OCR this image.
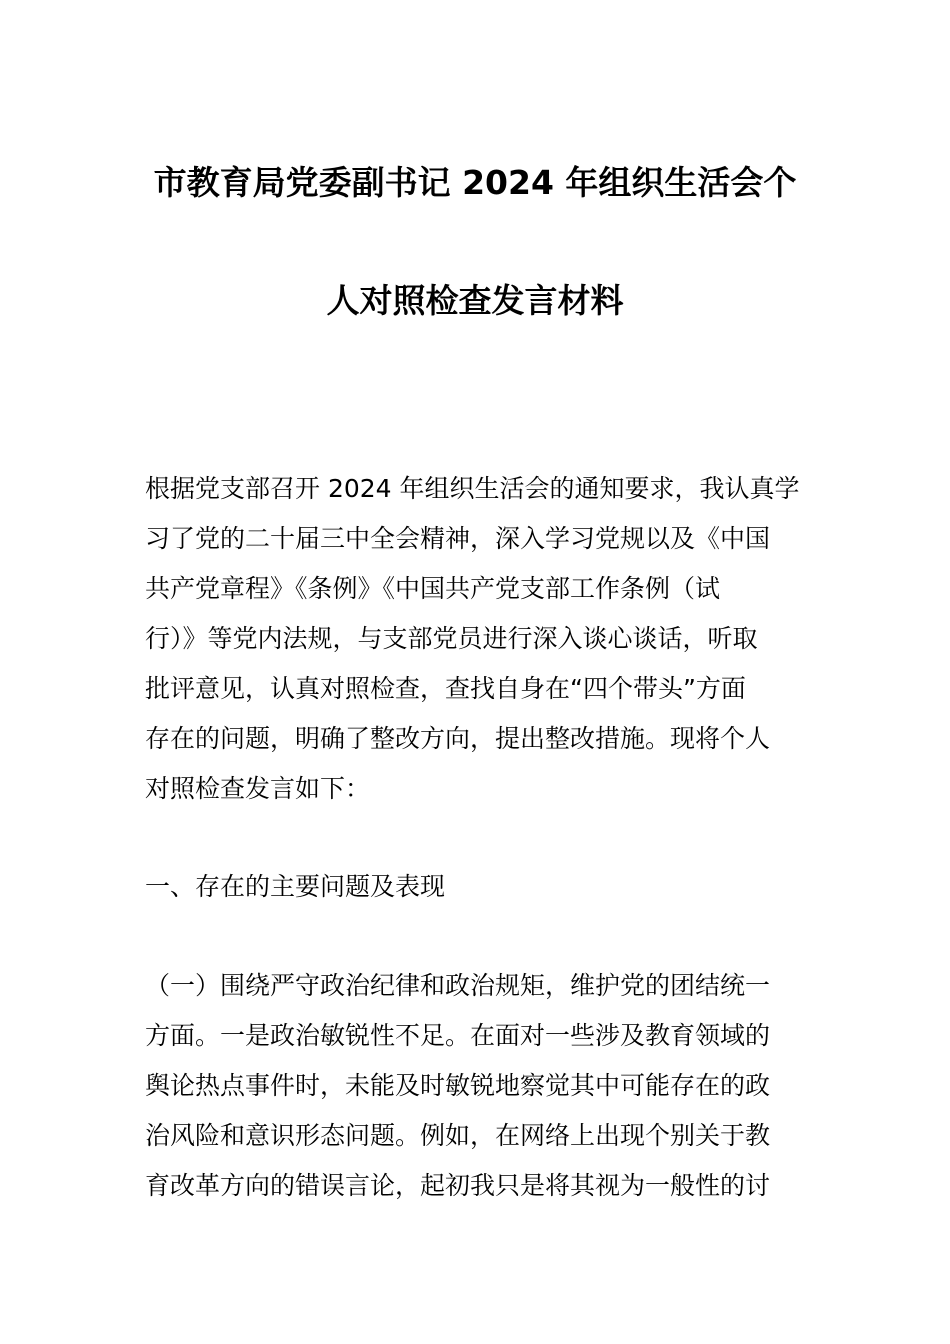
市教育局党委副书记 2024 年组织生活会个
人对照检查发言材料
根据党支部召开 2024 年组织生活会的通知要求，我认真学
习了党的二十届三中全会精神，深入学习党规以及《中国
共产党章程》《条例》《中国共产党支部工作条例（试
行）》等党内法规，与支部党员进行深入谈心谈话，听取
批评意见，认真对照检查，查找自身在“四个带头”方面
存在的问题，明确了整改方向，提出整改措施。现将个人
对照检查发言如下：
一、存在的主要问题及表现
（一）围绕严守政治纪律和政治规矩，维护党的团结统一
方面。一是政治敏锐性不足。在面对一些涉及教育领域的
舆论热点事件时，未能及时敏锐地察觉其中可能存在的政
治风险和意识形态问题。例如，在网络上出现个别关于教
育改革方向的错误言论，起初我只是将其视为一般性的讨
